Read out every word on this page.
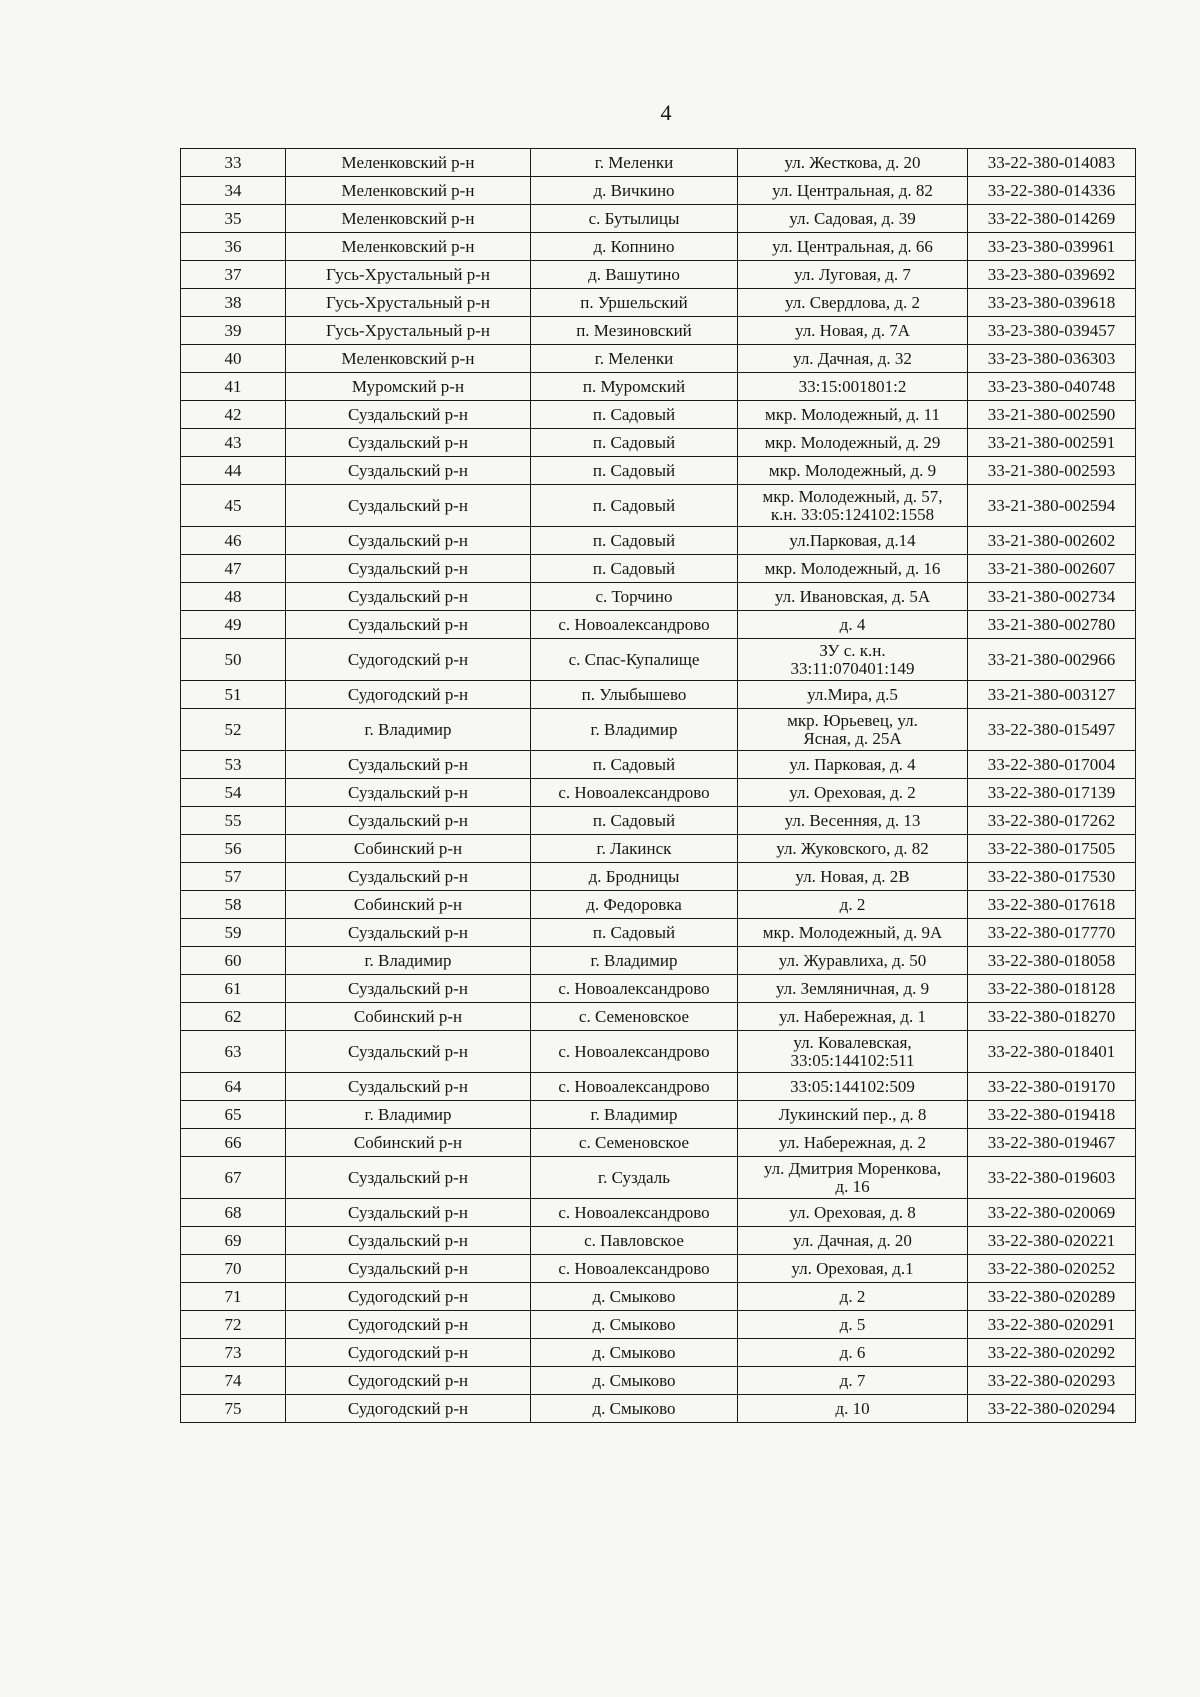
4
33	Меленковский р-н	г. Меленки	ул. Жесткова, д. 20	33-22-380-014083
34	Меленковский р-н	д. Вичкино	ул. Центральная, д. 82	33-22-380-014336
35	Меленковский р-н	с. Бутылицы	ул. Садовая, д. 39	33-22-380-014269
36	Меленковский р-н	д. Копнино	ул. Центральная, д. 66	33-23-380-039961
37	Гусь-Хрустальный р-н	д. Вашутино	ул. Луговая, д. 7	33-23-380-039692
38	Гусь-Хрустальный р-н	п. Уршельский	ул. Свердлова, д. 2	33-23-380-039618
39	Гусь-Хрустальный р-н	п. Мезиновский	ул. Новая, д. 7А	33-23-380-039457
40	Меленковский р-н	г. Меленки	ул. Дачная, д. 32	33-23-380-036303
41	Муромский р-н	п. Муромский	33:15:001801:2	33-23-380-040748
42	Суздальский р-н	п. Садовый	мкр. Молодежный, д. 11	33-21-380-002590
43	Суздальский р-н	п. Садовый	мкр. Молодежный, д. 29	33-21-380-002591
44	Суздальский р-н	п. Садовый	мкр. Молодежный, д. 9	33-21-380-002593
45	Суздальский р-н	п. Садовый	мкр. Молодежный, д. 57,
к.н. 33:05:124102:1558	33-21-380-002594
46	Суздальский р-н	п. Садовый	ул.Парковая, д.14	33-21-380-002602
47	Суздальский р-н	п. Садовый	мкр. Молодежный, д. 16	33-21-380-002607
48	Суздальский р-н	с. Торчино	ул. Ивановская, д. 5А	33-21-380-002734
49	Суздальский р-н	с. Новоалександрово	д. 4	33-21-380-002780
50	Судогодский р-н	с. Спас-Купалище	ЗУ с. к.н.
33:11:070401:149	33-21-380-002966
51	Судогодский р-н	п. Улыбышево	ул.Мира, д.5	33-21-380-003127
52	г. Владимир	г. Владимир	мкр. Юрьевец, ул.
Ясная, д. 25А	33-22-380-015497
53	Суздальский р-н	п. Садовый	ул. Парковая, д. 4	33-22-380-017004
54	Суздальский р-н	с. Новоалександрово	ул. Ореховая, д. 2	33-22-380-017139
55	Суздальский р-н	п. Садовый	ул. Весенняя, д. 13	33-22-380-017262
56	Собинский р-н	г. Лакинск	ул. Жуковского, д. 82	33-22-380-017505
57	Суздальский р-н	д. Бродницы	ул. Новая, д. 2В	33-22-380-017530
58	Собинский р-н	д. Федоровка	д. 2	33-22-380-017618
59	Суздальский р-н	п. Садовый	мкр. Молодежный, д. 9А	33-22-380-017770
60	г. Владимир	г. Владимир	ул. Журавлиха, д. 50	33-22-380-018058
61	Суздальский р-н	с. Новоалександрово	ул. Земляничная, д. 9	33-22-380-018128
62	Собинский р-н	с. Семеновское	ул. Набережная, д. 1	33-22-380-018270
63	Суздальский р-н	с. Новоалександрово	ул. Ковалевская,
33:05:144102:511	33-22-380-018401
64	Суздальский р-н	с. Новоалександрово	33:05:144102:509	33-22-380-019170
65	г. Владимир	г. Владимир	Лукинский пер., д. 8	33-22-380-019418
66	Собинский р-н	с. Семеновское	ул. Набережная, д. 2	33-22-380-019467
67	Суздальский р-н	г. Суздаль	ул. Дмитрия Моренкова,
д. 16	33-22-380-019603
68	Суздальский р-н	с. Новоалександрово	ул. Ореховая, д. 8	33-22-380-020069
69	Суздальский р-н	с. Павловское	ул. Дачная, д. 20	33-22-380-020221
70	Суздальский р-н	с. Новоалександрово	ул. Ореховая, д.1	33-22-380-020252
71	Судогодский р-н	д. Смыково	д. 2	33-22-380-020289
72	Судогодский р-н	д. Смыково	д. 5	33-22-380-020291
73	Судогодский р-н	д. Смыково	д. 6	33-22-380-020292
74	Судогодский р-н	д. Смыково	д. 7	33-22-380-020293
75	Судогодский р-н	д. Смыково	д. 10	33-22-380-020294
